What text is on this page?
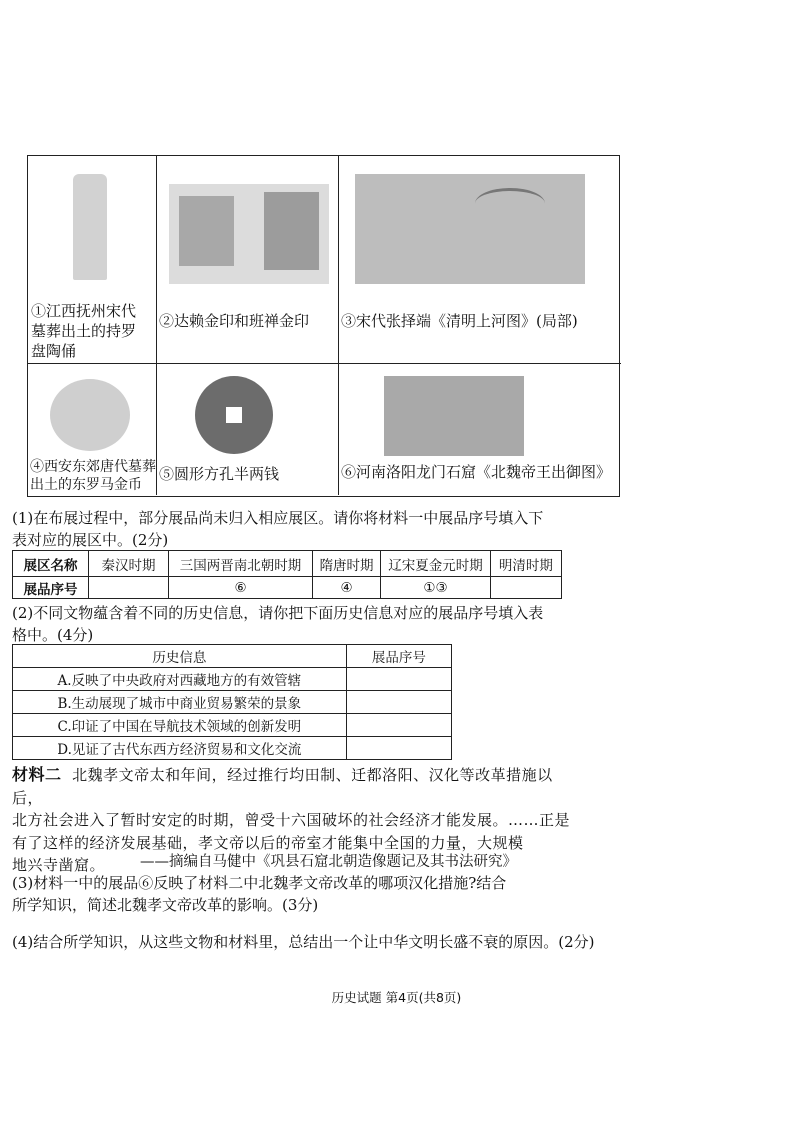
①江西抚州宋代
墓葬出土的持罗
盘陶俑
②达赖金印和班禅金印	③宋代张择端《清明上河图》(局部)
④西安东郊唐代墓葬
出土的东罗马金币
⑤圆形方孔半两钱	⑥河南洛阳龙门石窟《北魏帝王出御图》
(1)在布展过程中，部分展品尚未归入相应展区。请你将材料一中展品序号填入下
表对应的展区中。(2分)
展区名称	秦汉时期	三国两晋南北朝时期	隋唐时期	辽宋夏金元时期	明清时期
展品序号		⑥	④	①③	
(2)不同文物蕴含着不同的历史信息，请你把下面历史信息对应的展品序号填入表
格中。(4分)
历史信息	展品序号
A.反映了中央政府对西藏地方的有效管辖	
B.生动展现了城市中商业贸易繁荣的景象	
C.印证了中国在导航技术领域的创新发明	
D.见证了古代东西方经济贸易和文化交流	
材料二 北魏孝文帝太和年间，经过推行均田制、迁都洛阳、汉化等改革措施以后，
北方社会进入了暂时安定的时期，曾受十六国破坏的社会经济才能发展。……正是
有了这样的经济发展基础，孝文帝以后的帝室才能集中全国的力量，大规模
地兴寺凿窟。	——摘编自马健中《巩县石窟北朝造像题记及其书法研究》
(3)材料一中的展品⑥反映了材料二中北魏孝文帝改革的哪项汉化措施?结合
所学知识，简述北魏孝文帝改革的影响。(3分)
(4)结合所学知识，从这些文物和材料里，总结出一个让中华文明长盛不衰的原因。(2分)
历史试题 第4页(共8页)
